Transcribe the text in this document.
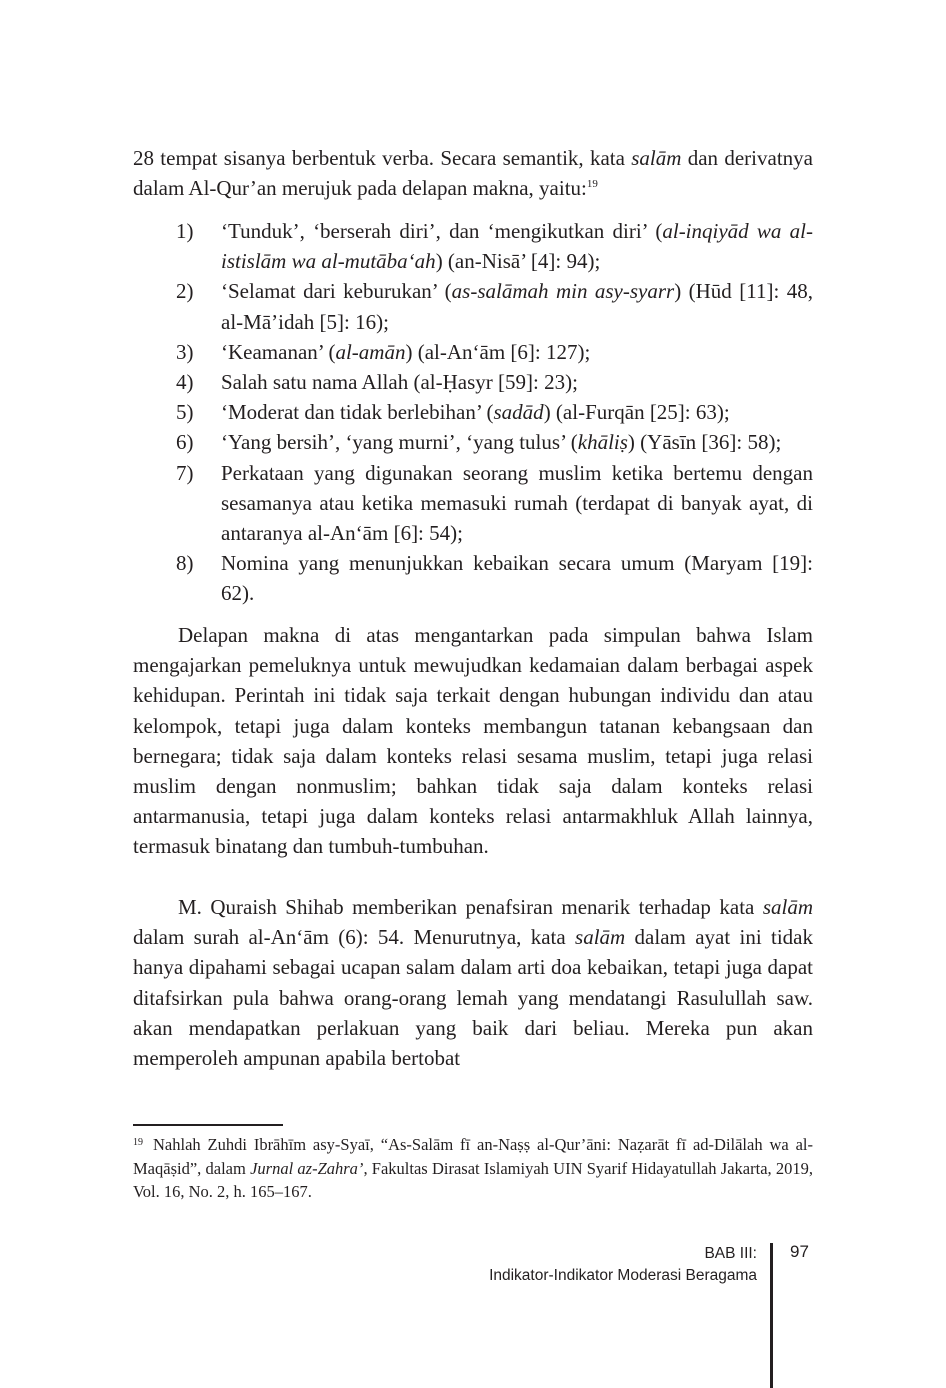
28 tempat sisanya berbentuk verba. Secara semantik, kata salām dan derivatnya dalam Al-Qur’an merujuk pada delapan makna, yaitu:$^{19}$

1) ‘Tunduk’, ‘berserah diri’, dan ‘mengikutkan diri’ (al-inqiyād wa al-istislām wa al-mutāba‘ah) (an-Nisā’ [4]: 94);
2) ‘Selamat dari keburukan’ (as-salāmah min asy-syarr) (Hūd [11]: 48, al-Mā’idah [5]: 16);
3) ‘Keamanan’ (al-amān) (al-An‘ām [6]: 127);
4) Salah satu nama Allah (al-Ḥasyr [59]: 23);
5) ‘Moderat dan tidak berlebihan’ (sadād) (al-Furqān [25]: 63);
6) ‘Yang bersih’, ‘yang murni’, ‘yang tulus’ (khāliṣ) (Yāsīn [36]: 58);
7) Perkataan yang digunakan seorang muslim ketika bertemu dengan sesamanya atau ketika memasuki rumah (terdapat di banyak ayat, di antaranya al-An‘ām [6]: 54);
8) Nomina yang menunjukkan kebaikan secara umum (Maryam [19]: 62).

Delapan makna di atas mengantarkan pada simpulan bahwa Islam mengajarkan pemeluknya untuk mewujudkan kedamaian dalam berbagai aspek kehidupan. Perintah ini tidak saja terkait dengan hubungan individu dan atau kelompok, tetapi juga dalam konteks membangun tatanan kebangsaan dan bernegara; tidak saja dalam konteks relasi sesama muslim, tetapi juga relasi muslim dengan nonmuslim; bahkan tidak saja dalam konteks relasi antarmanusia, tetapi juga dalam konteks relasi antarmakhluk Allah lainnya, termasuk binatang dan tumbuh-tumbuhan.

M. Quraish Shihab memberikan penafsiran menarik terhadap kata salām dalam surah al-An‘ām (6): 54. Menurutnya, kata salām dalam ayat ini tidak hanya dipahami sebagai ucapan salam dalam arti doa kebaikan, tetapi juga dapat ditafsirkan pula bahwa orang-orang lemah yang mendatangi Rasulullah saw. akan mendapatkan perlakuan yang baik dari beliau. Mereka pun akan memperoleh ampunan apabila bertobat

$^{19}$ Nahlah Zuhdi Ibrāhīm asy-Syaī, “As-Salām fī an-Naṣṣ al-Qur’āni: Naẓarāt fī ad-Dilālah wa al-Maqāṣid”, dalam Jurnal az-Zahra’, Fakultas Dirasat Islamiyah UIN Syarif Hidayatullah Jakarta, 2019, Vol. 16, No. 2, h. 165–167.
BAB III:
Indikator-Indikator Moderasi Beragama
97
